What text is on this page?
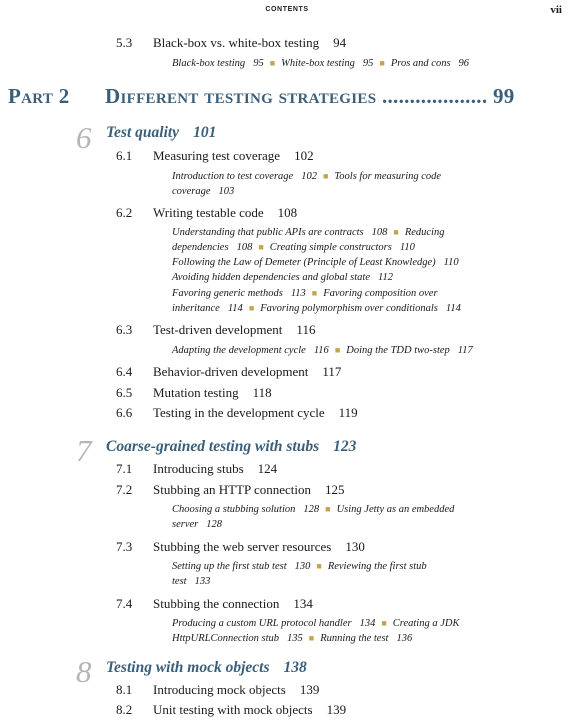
CONTENTS	vii
5.3 Black-box vs. white-box testing 94
Black-box testing 95 ■ White-box testing 95 ■ Pros and cons 96
Part 2 Different testing strategies ................... 99
6 Test quality 101
6.1 Measuring test coverage 102
Introduction to test coverage 102 ■ Tools for measuring code
coverage 103
6.2 Writing testable code 108
Understanding that public APIs are contracts 108 ■ Reducing
dependencies 108 ■ Creating simple constructors 110
Following the Law of Demeter (Principle of Least Knowledge) 110
Avoiding hidden dependencies and global state 112
Favoring generic methods 113 ■ Favoring composition over
inheritance 114 ■ Favoring polymorphism over conditionals 114
6.3 Test-driven development 116
Adapting the development cycle 116 ■ Doing the TDD two-step 117
6.4 Behavior-driven development 117
6.5 Mutation testing 118
6.6 Testing in the development cycle 119
7 Coarse-grained testing with stubs 123
7.1 Introducing stubs 124
7.2 Stubbing an HTTP connection 125
Choosing a stubbing solution 128 ■ Using Jetty as an embedded
server 128
7.3 Stubbing the web server resources 130
Setting up the first stub test 130 ■ Reviewing the first stub
test 133
7.4 Stubbing the connection 134
Producing a custom URL protocol handler 134 ■ Creating a JDK
HttpURLConnection stub 135 ■ Running the test 136
8 Testing with mock objects 138
8.1 Introducing mock objects 139
8.2 Unit testing with mock objects 139
